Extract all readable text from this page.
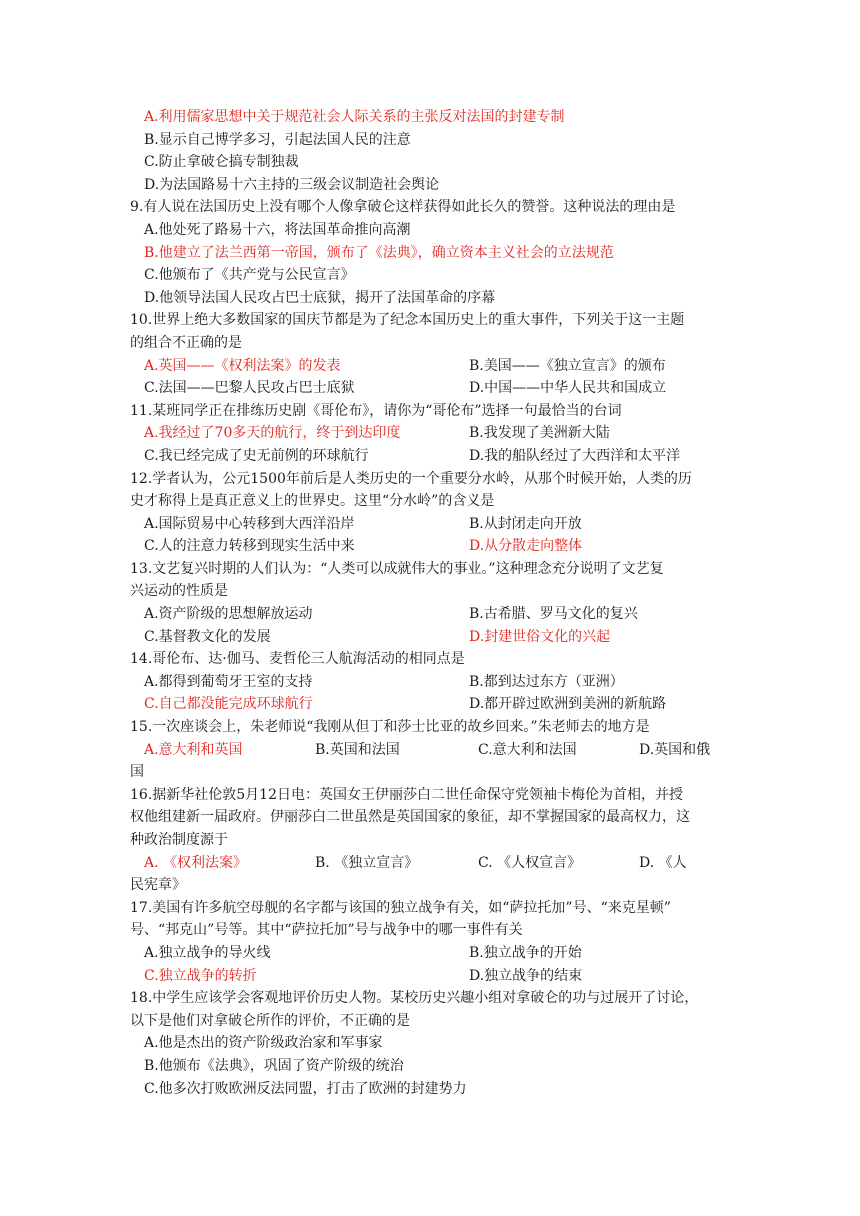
A.利用儒家思想中关于规范社会人际关系的主张反对法国的封建专制
B.显示自己博学多习，引起法国人民的注意
C.防止拿破仑搞专制独裁
D.为法国路易十六主持的三级会议制造社会舆论
9.有人说在法国历史上没有哪个人像拿破仑这样获得如此长久的赞誉。这种说法的理由是
A.他处死了路易十六，将法国革命推向高潮
B.他建立了法兰西第一帝国，颁布了《法典》，确立资本主义社会的立法规范
C.他颁布了《共产党与公民宣言》
D.他领导法国人民攻占巴士底狱，揭开了法国革命的序幕
10.世界上绝大多数国家的国庆节都是为了纪念本国历史上的重大事件，下列关于这一主题
的组合不正确的是
A.英国——《权利法案》的发表	B.美国——《独立宣言》的颁布
C.法国——巴黎人民攻占巴士底狱	D.中国——中华人民共和国成立
11.某班同学正在排练历史剧《哥伦布》，请你为“哥伦布”选择一句最恰当的台词
A.我经过了70多天的航行，终于到达印度	B.我发现了美洲新大陆
C.我已经完成了史无前例的环球航行	D.我的船队经过了大西洋和太平洋
12.学者认为，公元1500年前后是人类历史的一个重要分水岭，从那个时候开始，人类的历
史才称得上是真正意义上的世界史。这里“分水岭”的含义是
A.国际贸易中心转移到大西洋沿岸	B.从封闭走向开放
C.人的注意力转移到现实生活中来	D.从分散走向整体
13.文艺复兴时期的人们认为：“人类可以成就伟大的事业。”这种理念充分说明了文艺复
兴运动的性质是
A.资产阶级的思想解放运动	B.古希腊、罗马文化的复兴
C.基督教文化的发展	D.封建世俗文化的兴起
14.哥伦布、达·伽马、麦哲伦三人航海活动的相同点是
A.都得到葡萄牙王室的支持	B.都到达过东方（亚洲）
C.自己都没能完成环球航行	D.都开辟过欧洲到美洲的新航路
15.一次座谈会上，朱老师说“我刚从但丁和莎士比亚的故乡回来。”朱老师去的地方是
A.意大利和英国	B.英国和法国	C.意大利和法国	D.英国和俄
国
16.据新华社伦敦5月12日电：英国女王伊丽莎白二世任命保守党领袖卡梅伦为首相，并授
权他组建新一届政府。伊丽莎白二世虽然是英国国家的象征，却不掌握国家的最高权力，这
种政治制度源于
A. 《权利法案》	B. 《独立宣言》	C. 《人权宣言》	D. 《人
民宪章》
17.美国有许多航空母舰的名字都与该国的独立战争有关，如“萨拉托加”号、“来克星顿”
号、“邦克山”号等。其中“萨拉托加”号与战争中的哪一事件有关
A.独立战争的导火线	B.独立战争的开始
C.独立战争的转折	D.独立战争的结束
18.中学生应该学会客观地评价历史人物。某校历史兴趣小组对拿破仑的功与过展开了讨论，
以下是他们对拿破仑所作的评价，不正确的是
A.他是杰出的资产阶级政治家和军事家
B.他颁布《法典》，巩固了资产阶级的统治
C.他多次打败欧洲反法同盟，打击了欧洲的封建势力
